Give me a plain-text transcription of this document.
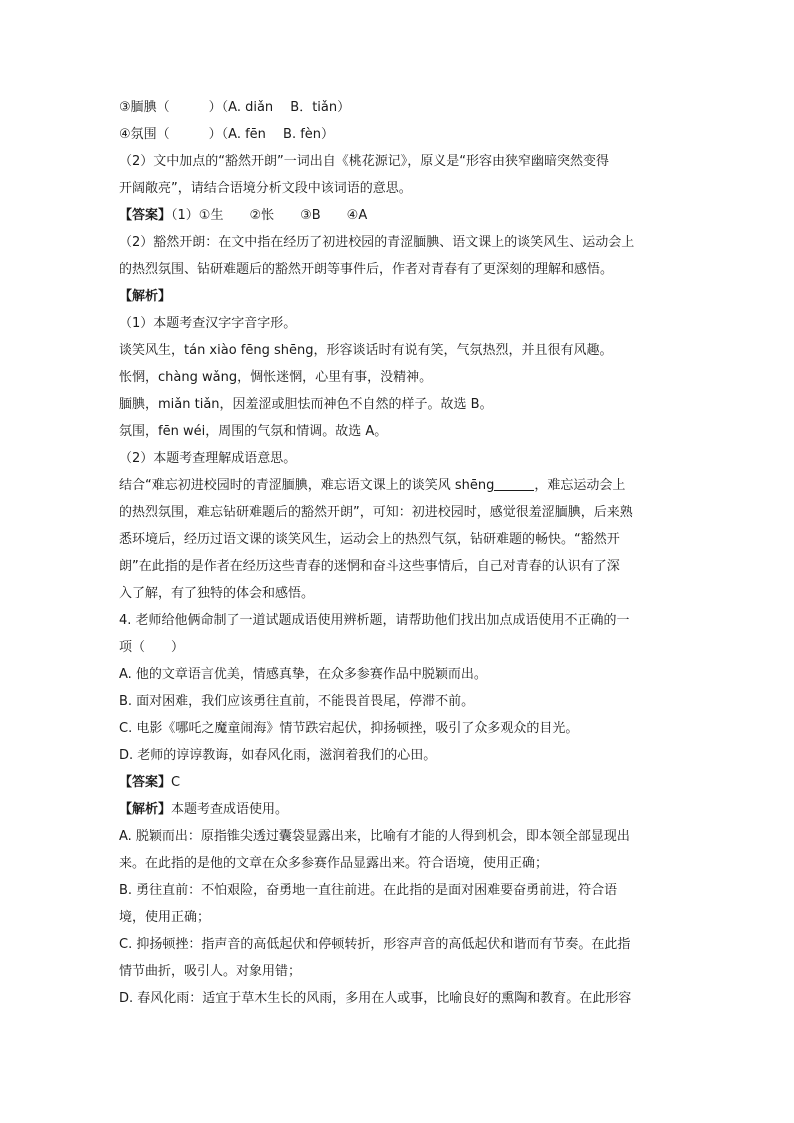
③腼腆（　　　）（A. diǎn　 B．tiǎn）
④氛围（　　　）（A. fēn　 B. fèn）
（2）文中加点的“豁然开朗”一词出自《桃花源记》，原义是“形容由狭窄幽暗突然变得
开阔敞亮”，请结合语境分析文段中该词语的意思。
【答案】（1）①生　　②怅　　③B　　④A
（2）豁然开朗：在文中指在经历了初进校园的青涩腼腆、语文课上的谈笑风生、运动会上
的热烈氛围、钻研难题后的豁然开朗等事件后，作者对青春有了更深刻的理解和感悟。
【解析】
（1）本题考查汉字字音字形。
谈笑风生，tán xiào fēng shēng，形容谈话时有说有笑，气氛热烈，并且很有风趣。
怅惘，chàng wǎng，惆怅迷惘，心里有事，没精神。
腼腆，miǎn tiǎn，因羞涩或胆怯而神色不自然的样子。故选 B。
氛围，fēn wéi，周围的气氛和情调。故选 A。
（2）本题考查理解成语意思。
结合“难忘初进校园时的青涩腼腆，难忘语文课上的谈笑风 shēng	，难忘运动会上
的热烈氛围，难忘钻研难题后的豁然开朗”，可知：初进校园时，感觉很羞涩腼腆，后来熟
悉环境后，经历过语文课的谈笑风生，运动会上的热烈气氛，钻研难题的畅快。“豁然开
朗”在此指的是作者在经历这些青春的迷惘和奋斗这些事情后，自己对青春的认识有了深
入了解，有了独特的体会和感悟。
4. 老师给他俩命制了一道试题成语使用辨析题，请帮助他们找出加点成语使用不正确的一
项（　　）
A. 他的文章语言优美，情感真挚，在众多参赛作品中脱颖而出。
B. 面对困难，我们应该勇往直前，不能畏首畏尾，停滞不前。
C. 电影《哪吒之魔童闹海》情节跌宕起伏，抑扬顿挫，吸引了众多观众的目光。
D. 老师的谆谆教诲，如春风化雨，滋润着我们的心田。
【答案】C
【解析】本题考查成语使用。
A. 脱颖而出：原指锥尖透过囊袋显露出来，比喻有才能的人得到机会，即本领全部显现出
来。在此指的是他的文章在众多参赛作品显露出来。符合语境，使用正确；
B. 勇往直前：不怕艰险，奋勇地一直往前进。在此指的是面对困难要奋勇前进，符合语
境，使用正确；
C. 抑扬顿挫：指声音的高低起伏和停顿转折，形容声音的高低起伏和谐而有节奏。在此指
情节曲折，吸引人。对象用错；
D. 春风化雨：适宜于草木生长的风雨，多用在人或事，比喻良好的熏陶和教育。在此形容
